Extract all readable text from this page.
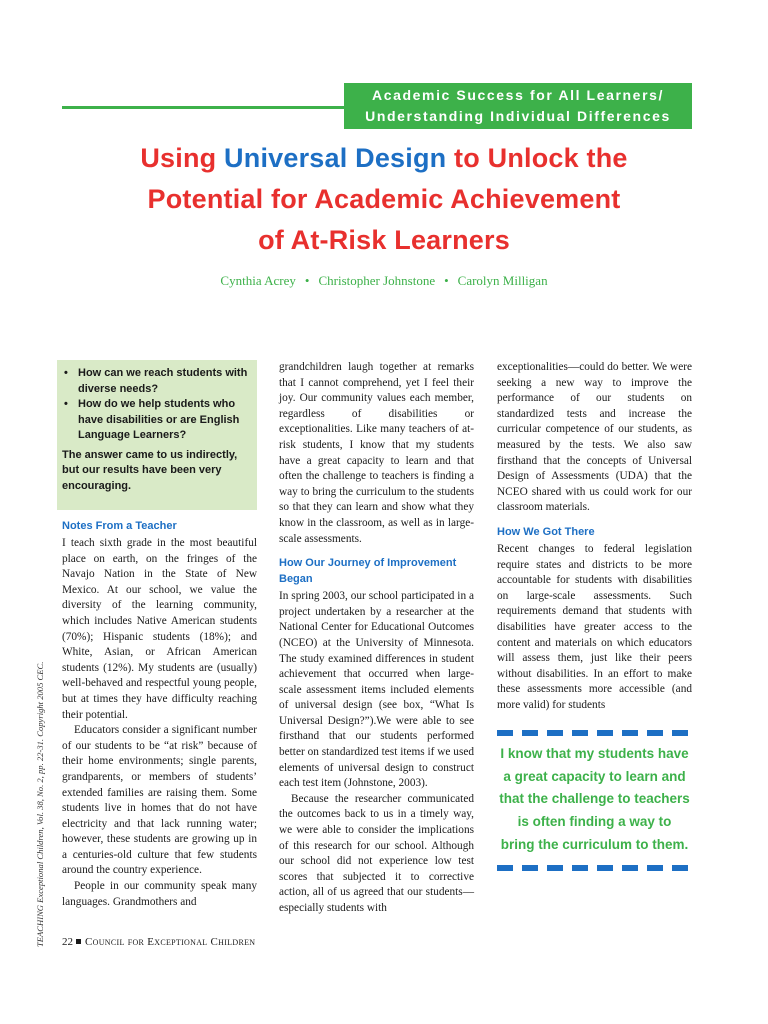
Academic Success for All Learners/
Understanding Individual Differences
Using Universal Design to Unlock the
Potential for Academic Achievement
of At-Risk Learners
Cynthia Acrey • Christopher Johnstone • Carolyn Milligan
• How can we reach students with diverse needs?
• How do we help students who have disabilities or are English Language Learners?

The answer came to us indirectly, but our results have been very encouraging.

Notes From a Teacher

I teach sixth grade in the most beautiful place on earth, on the fringes of the Navajo Nation in the State of New Mexico. At our school, we value the diversity of the learning community, which includes Native American students (70%); Hispanic students (18%); and White, Asian, or African American students (12%). My students are (usually) well-behaved and respectful young people, but at times they have difficulty reaching their potential.

Educators consider a significant number of our students to be “at risk” because of their home environments; single parents, grandparents, or members of students’ extended families are raising them. Some students live in homes that do not have electricity and that lack running water; however, these students are growing up in a centuries-old culture that few students around the country experience.

People in our community speak many languages. Grandmothers and

grandchildren laugh together at remarks that I cannot comprehend, yet I feel their joy. Our community values each member, regardless of disabilities or exceptionalities. Like many teachers of at-risk students, I know that my students have a great capacity to learn and that often the challenge to teachers is finding a way to bring the curriculum to the students so that they can learn and show what they know in the classroom, as well as in large-scale assessments.

How Our Journey of Improvement Began

In spring 2003, our school participated in a project undertaken by a researcher at the National Center for Educational Outcomes (NCEO) at the University of Minnesota. The study examined differences in student achievement that occurred when large-scale assessment items included elements of universal design (see box, “What Is Universal Design?”).We were able to see firsthand that our students performed better on standardized test items if we used elements of universal design to construct each test item (Johnstone, 2003).

Because the researcher communicated the outcomes back to us in a timely way, we were able to consider the implications of this research for our school. Although our school did not experience low test scores that subjected it to corrective action, all of us agreed that our students—especially students with

exceptionalities—could do better. We were seeking a new way to improve the performance of our students on standardized tests and increase the curricular competence of our students, as measured by the tests. We also saw firsthand that the concepts of Universal Design of Assessments (UDA) that the NCEO shared with us could work for our classroom materials.

How We Got There

Recent changes to federal legislation require states and districts to be more accountable for students with disabilities on large-scale assessments. Such requirements demand that students with disabilities have greater access to the content and materials on which educators will assess them, just like their peers without disabilities. In an effort to make these assessments more accessible (and more valid) for students

I know that my students have a great capacity to learn and that the challenge to teachers is often finding a way to bring the curriculum to them.
TEACHING Exceptional Children, Vol. 38, No. 2, pp. 22-31. Copyright 2005 CEC. 22 Council for Exceptional Children
